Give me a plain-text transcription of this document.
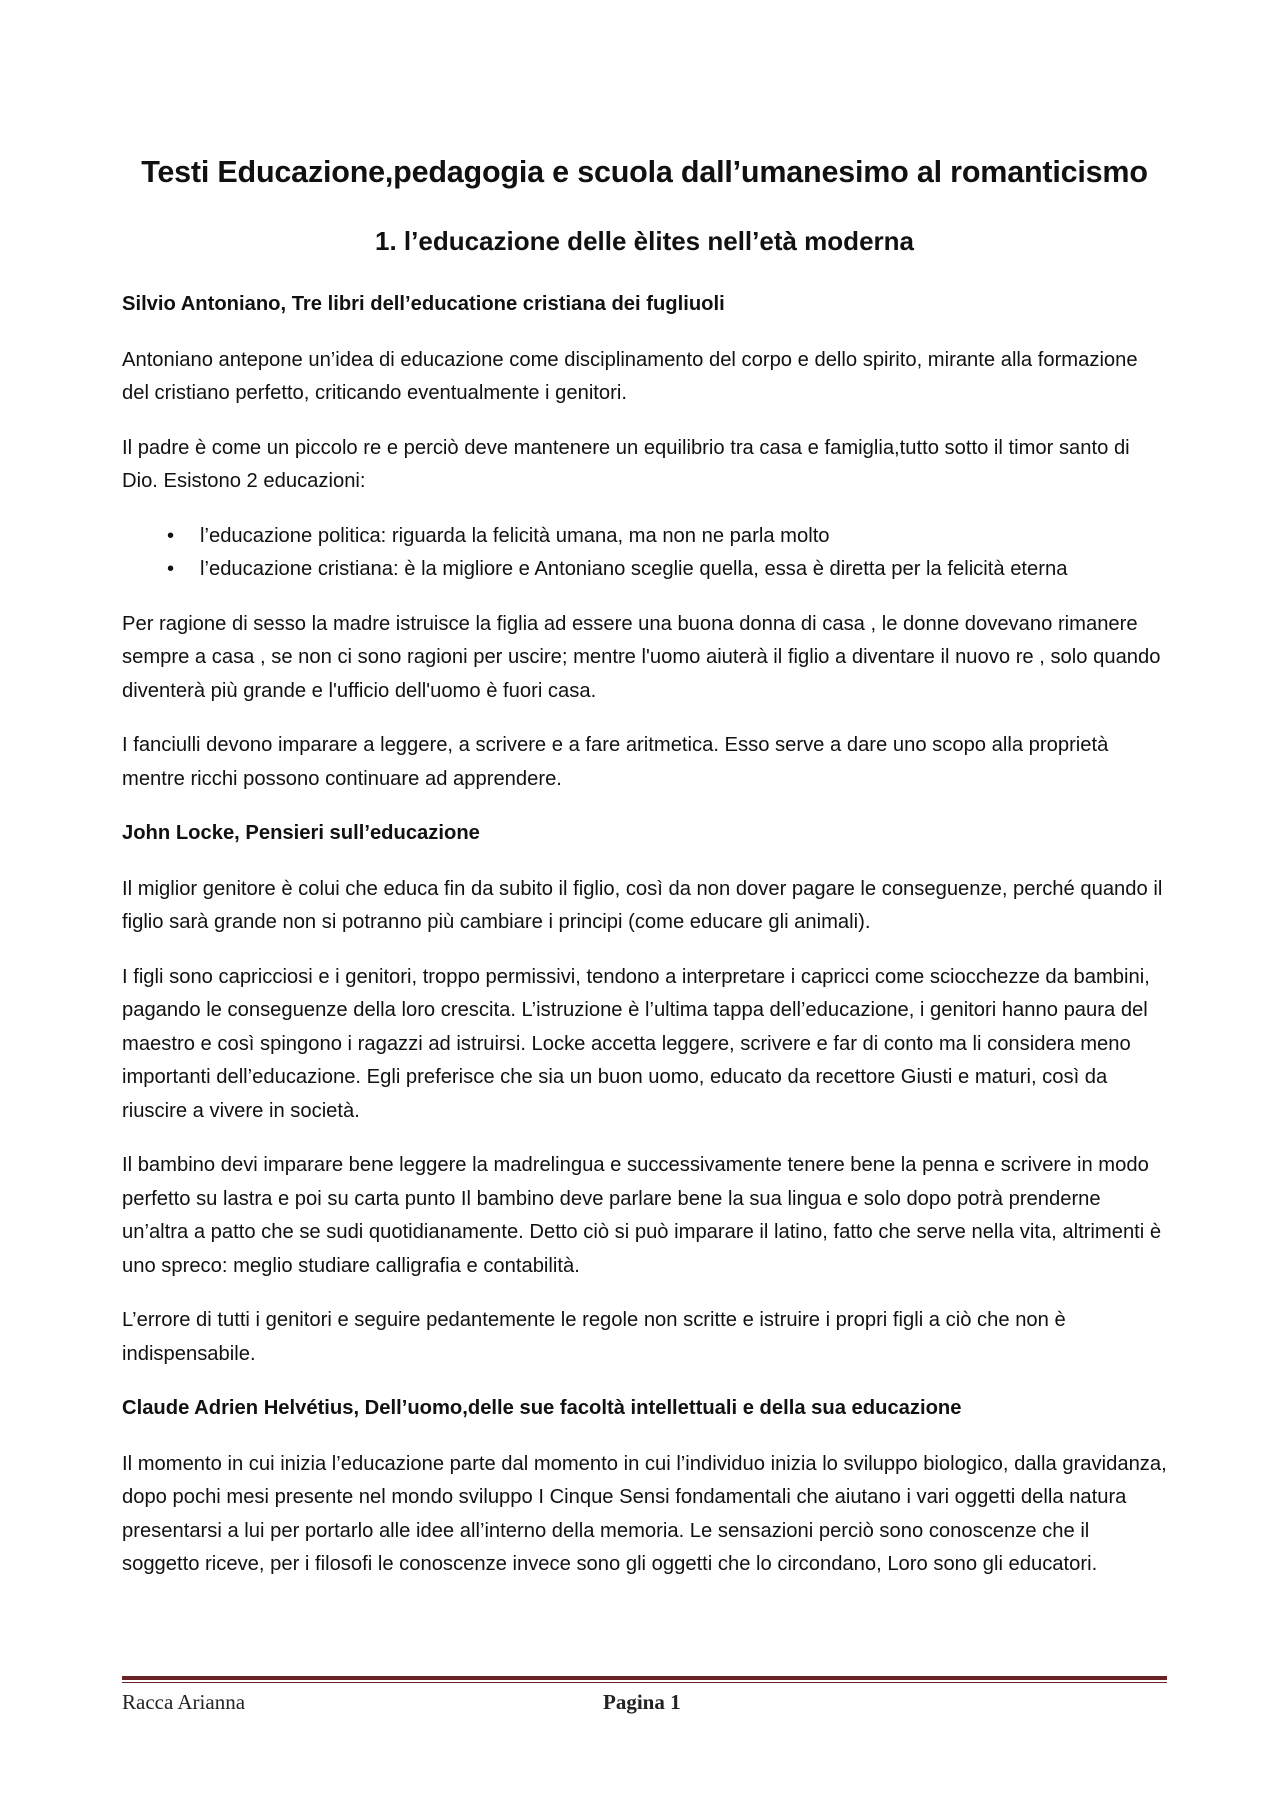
Testi Educazione,pedagogia e scuola dall’umanesimo al romanticismo
1. l’educazione delle èlites nell’età moderna
Silvio Antoniano, Tre libri dell’educatione cristiana dei fugliuoli

Antoniano antepone un’idea di educazione come disciplinamento del corpo e dello spirito, mirante alla formazione del cristiano perfetto, criticando eventualmente i genitori.

Il padre è come un piccolo re e perciò deve mantenere un equilibrio tra casa e famiglia,tutto sotto il timor santo di Dio. Esistono 2 educazioni:

• l’educazione politica: riguarda la felicità umana, ma non ne parla molto
• l’educazione cristiana: è la migliore e Antoniano sceglie quella, essa è diretta per la felicità eterna

Per ragione di sesso la madre istruisce la figlia ad essere una buona donna di casa , le donne dovevano rimanere sempre a casa , se non ci sono ragioni per uscire; mentre l'uomo aiuterà il figlio a diventare il nuovo re , solo quando diventerà più grande e l'ufficio dell'uomo è fuori casa.

I fanciulli devono imparare a leggere, a scrivere e a fare aritmetica. Esso serve a dare uno scopo alla proprietà mentre ricchi possono continuare ad apprendere.

John Locke, Pensieri sull’educazione

Il miglior genitore è colui che educa fin da subito il figlio, così da non dover pagare le conseguenze, perché quando il figlio sarà grande non si potranno più cambiare i principi (come educare gli animali).

I figli sono capricciosi e i genitori, troppo permissivi, tendono a interpretare i capricci come sciocchezze da bambini, pagando le conseguenze della loro crescita. L’istruzione è l’ultima tappa dell’educazione, i genitori hanno paura del maestro e così spingono i ragazzi ad istruirsi. Locke accetta leggere, scrivere e far di conto ma li considera meno importanti dell’educazione. Egli preferisce che sia un buon uomo, educato da recettore Giusti e maturi, così da riuscire a vivere in società.

Il bambino devi imparare bene leggere la madrelingua e successivamente tenere bene la penna e scrivere in modo perfetto su lastra e poi su carta punto Il bambino deve parlare bene la sua lingua e solo dopo potrà prenderne un’altra a patto che se sudi quotidianamente. Detto ciò si può imparare il latino, fatto che serve nella vita, altrimenti è uno spreco: meglio studiare calligrafia e contabilità.

L’errore di tutti i genitori e seguire pedantemente le regole non scritte e istruire i propri figli a ciò che non è indispensabile.

Claude Adrien Helvétius, Dell’uomo,delle sue facoltà intellettuali e della sua educazione

Il momento in cui inizia l’educazione parte dal momento in cui l’individuo inizia lo sviluppo biologico, dalla gravidanza, dopo pochi mesi presente nel mondo sviluppo I Cinque Sensi fondamentali che aiutano i vari oggetti della natura presentarsi a lui per portarlo alle idee all’interno della memoria. Le sensazioni perciò sono conoscenze che il soggetto riceve, per i filosofi le conoscenze invece sono gli oggetti che lo circondano, Loro sono gli educatori.

Racca Arianna	Pagina 1
